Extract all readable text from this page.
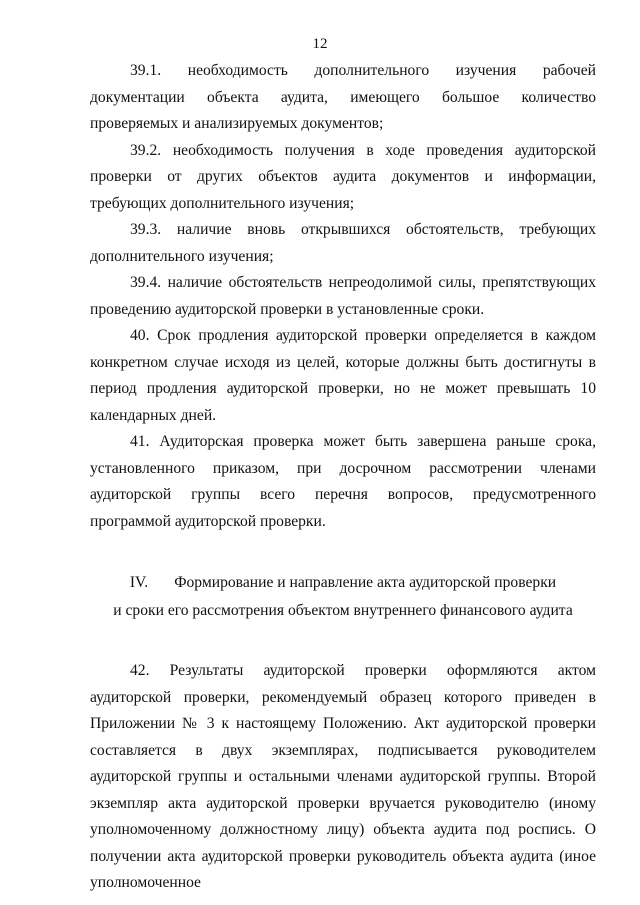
12

39.1. необходимость дополнительного изучения рабочей документации объекта аудита, имеющего большое количество проверяемых и анализируемых документов;

39.2. необходимость получения в ходе проведения аудиторской проверки от других объектов аудита документов и информации, требующих дополнительного изучения;

39.3. наличие вновь открывшихся обстоятельств, требующих дополнительного изучения;

39.4. наличие обстоятельств непреодолимой силы, препятствующих проведению аудиторской проверки в установленные сроки.

40. Срок продления аудиторской проверки определяется в каждом конкретном случае исходя из целей, которые должны быть достигнуты в период продления аудиторской проверки, но не может превышать 10 календарных дней.

41. Аудиторская проверка может быть завершена раньше срока, установленного приказом, при досрочном рассмотрении членами аудиторской группы всего перечня вопросов, предусмотренного программой аудиторской проверки.

IV. Формирование и направление акта аудиторской проверки
и сроки его рассмотрения объектом внутреннего финансового аудита

42. Результаты аудиторской проверки оформляются актом аудиторской проверки, рекомендуемый образец которого приведен в Приложении № 3 к настоящему Положению. Акт аудиторской проверки составляется в двух экземплярах, подписывается руководителем аудиторской группы и остальными членами аудиторской группы. Второй экземпляр акта аудиторской проверки вручается руководителю (иному уполномоченному должностному лицу) объекта аудита под роспись. О получении акта аудиторской проверки руководитель объекта аудита (иное уполномоченное
